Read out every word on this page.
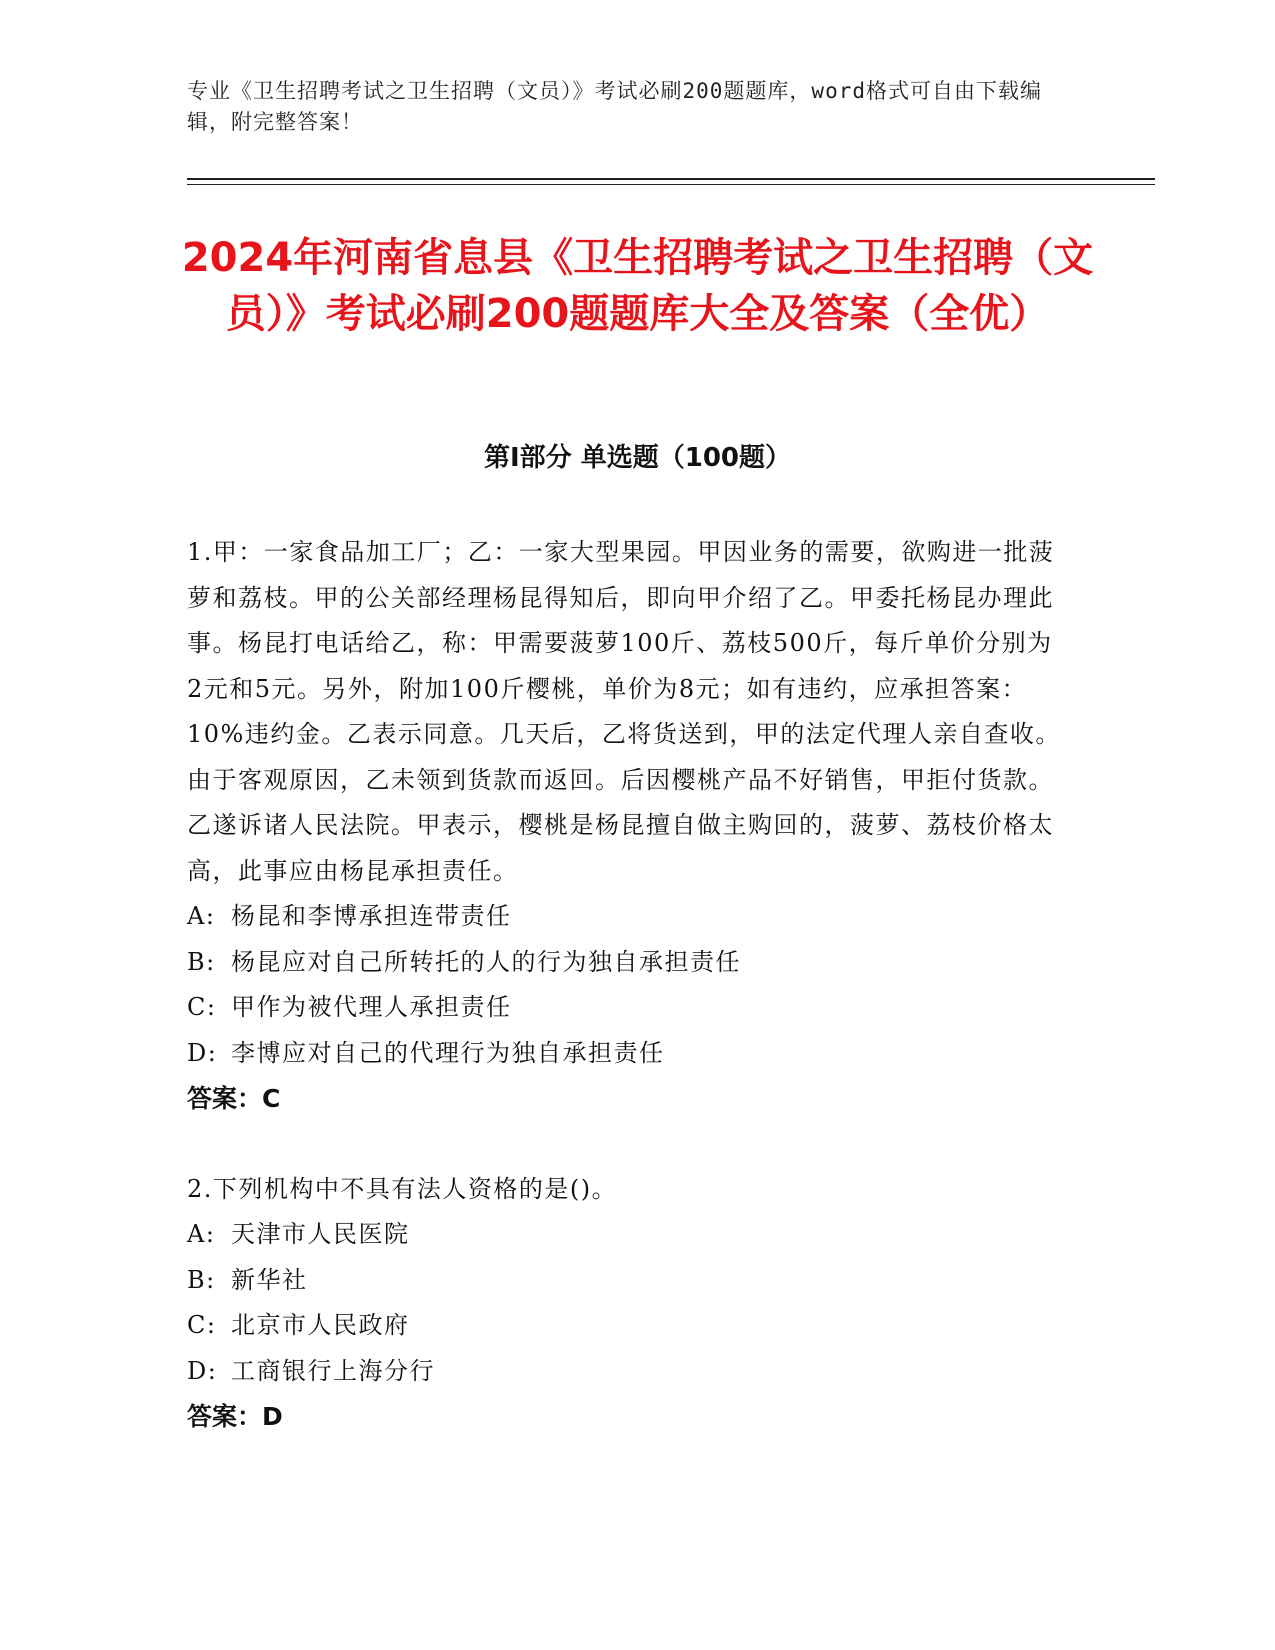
专业《卫生招聘考试之卫生招聘（文员）》考试必刷200题题库，word格式可自由下载编辑，附完整答案！
2024年河南省息县《卫生招聘考试之卫生招聘（文员）》考试必刷200题题库大全及答案（全优）
第Ⅰ部分 单选题（100题）

1.甲：一家食品加工厂；乙：一家大型果园。甲因业务的需要，欲购进一批菠萝和荔枝。甲的公关部经理杨昆得知后，即向甲介绍了乙。甲委托杨昆办理此事。杨昆打电话给乙，称：甲需要菠萝100斤、荔枝500斤，每斤单价分别为2元和5元。另外，附加100斤樱桃，单价为8元；如有违约，应承担答案：10%违约金。乙表示同意。几天后，乙将货送到，甲的法定代理人亲自查收。由于客观原因，乙未领到货款而返回。后因樱桃产品不好销售，甲拒付货款。乙遂诉诸人民法院。甲表示，樱桃是杨昆擅自做主购回的，菠萝、荔枝价格太高，此事应由杨昆承担责任。

A: 杨昆和李博承担连带责任
B: 杨昆应对自己所转托的人的行为独自承担责任
C: 甲作为被代理人承担责任
D: 李博应对自己的代理行为独自承担责任

答案：C

2.下列机构中不具有法人资格的是()。

A: 天津市人民医院
B: 新华社
C: 北京市人民政府
D: 工商银行上海分行

答案：D
